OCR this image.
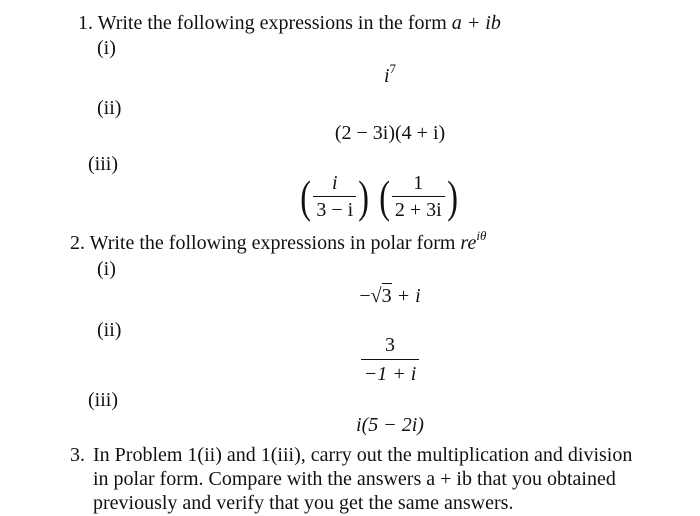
1. Write the following expressions in the form a + ib
(i)
$i^7$
(ii)
(2 − 3i)(4 + i)
(iii)
( $\frac{i}{3 - i}$ ) ( $\frac{1}{2 + 3i}$ )
2. Write the following expressions in polar form $re^{i\theta}$
(i)
−√3 + i
(ii)
$\frac{3}{-1 + i}$
(iii)
i(5 − 2i)
3. In Problem 1(ii) and 1(iii), carry out the multiplication and division
in polar form. Compare with the answers a + ib that you obtained
previously and verify that you get the same answers.
